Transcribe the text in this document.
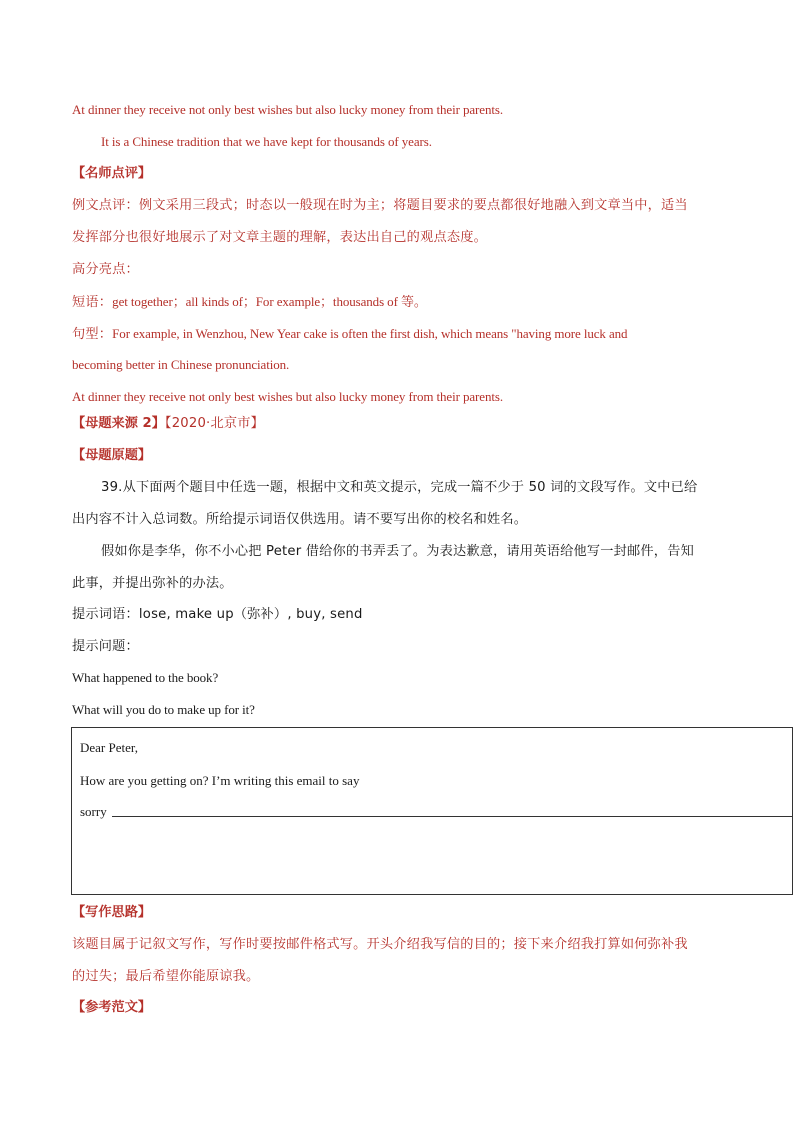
At dinner they receive not only best wishes but also lucky money from their parents.
It is a Chinese tradition that we have kept for thousands of years.
【名师点评】
例文点评：例文采用三段式；时态以一般现在时为主；将题目要求的要点都很好地融入到文章当中，适当
发挥部分也很好地展示了对文章主题的理解，表达出自己的观点态度。
高分亮点：
短语：get together；all kinds of；For example；thousands of 等。
句型：For example, in Wenzhou, New Year cake is often the first dish, which means "having more luck and
becoming better in Chinese pronunciation.
At dinner they receive not only best wishes but also lucky money from their parents.
【母题来源 2】【2020·北京市】
【母题原题】
39.从下面两个题目中任选一题，根据中文和英文提示，完成一篇不少于 50 词的文段写作。文中已给
出内容不计入总词数。所给提示词语仅供选用。请不要写出你的校名和姓名。
假如你是李华，你不小心把 Peter 借给你的书弄丢了。为表达歉意，请用英语给他写一封邮件，告知
此事，并提出弥补的办法。
提示词语：lose, make up（弥补）, buy, send
提示问题：
What happened to the book?
What will you do to make up for it?
Dear Peter,
How are you getting on? I’m writing this email to say
sorry
【写作思路】
该题目属于记叙文写作，写作时要按邮件格式写。开头介绍我写信的目的；接下来介绍我打算如何弥补我
的过失；最后希望你能原谅我。
【参考范文】
